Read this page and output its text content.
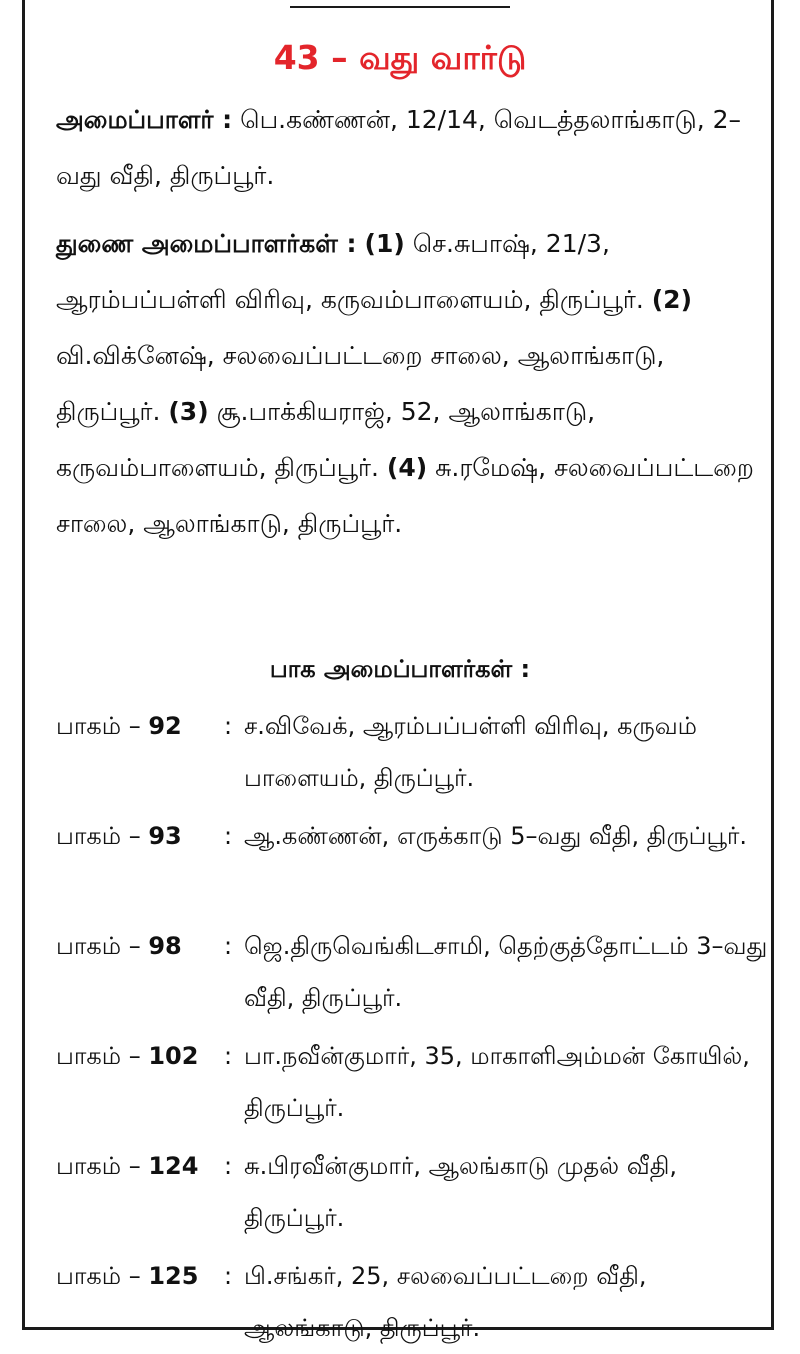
43 – வது வார்டு
அமைப்பாளர் : பெ.கண்ணன், 12/14, வெடத்தலாங்காடு, 2–வது வீதி, திருப்பூர்.
துணை அமைப்பாளர்கள் : (1) செ.சுபாஷ், 21/3, ஆரம்பப்பள்ளி விரிவு, கருவம்பாளையம், திருப்பூர். (2) வி.விக்னேஷ், சலவைப்பட்டறை சாலை, ஆலாங்காடு, திருப்பூர். (3) சூ.பாக்கியராஜ், 52, ஆலாங்காடு, கருவம்பாளையம், திருப்பூர். (4) சு.ரமேஷ், சலவைப்பட்டறை சாலை, ஆலாங்காடு, திருப்பூர்.
பாக அமைப்பாளர்கள் :
பாகம் – 92 : ச.விவேக், ஆரம்பப்பள்ளி விரிவு, கருவம் பாளையம், திருப்பூர்.
பாகம் – 93 : ஆ.கண்ணன், எருக்காடு 5–வது வீதி, திருப்பூர்.
பாகம் – 98 : ஜெ.திருவெங்கிடசாமி, தெற்குத்தோட்டம் 3–வது வீதி, திருப்பூர்.
பாகம் – 102 : பா.நவீன்குமார், 35, மாகாளிஅம்மன் கோயில், திருப்பூர்.
பாகம் – 124 : சு.பிரவீன்குமார், ஆலங்காடு முதல் வீதி, திருப்பூர்.
பாகம் – 125 : பி.சங்கர், 25, சலவைப்பட்டறை வீதி, ஆலங்காடு, திருப்பூர்.
